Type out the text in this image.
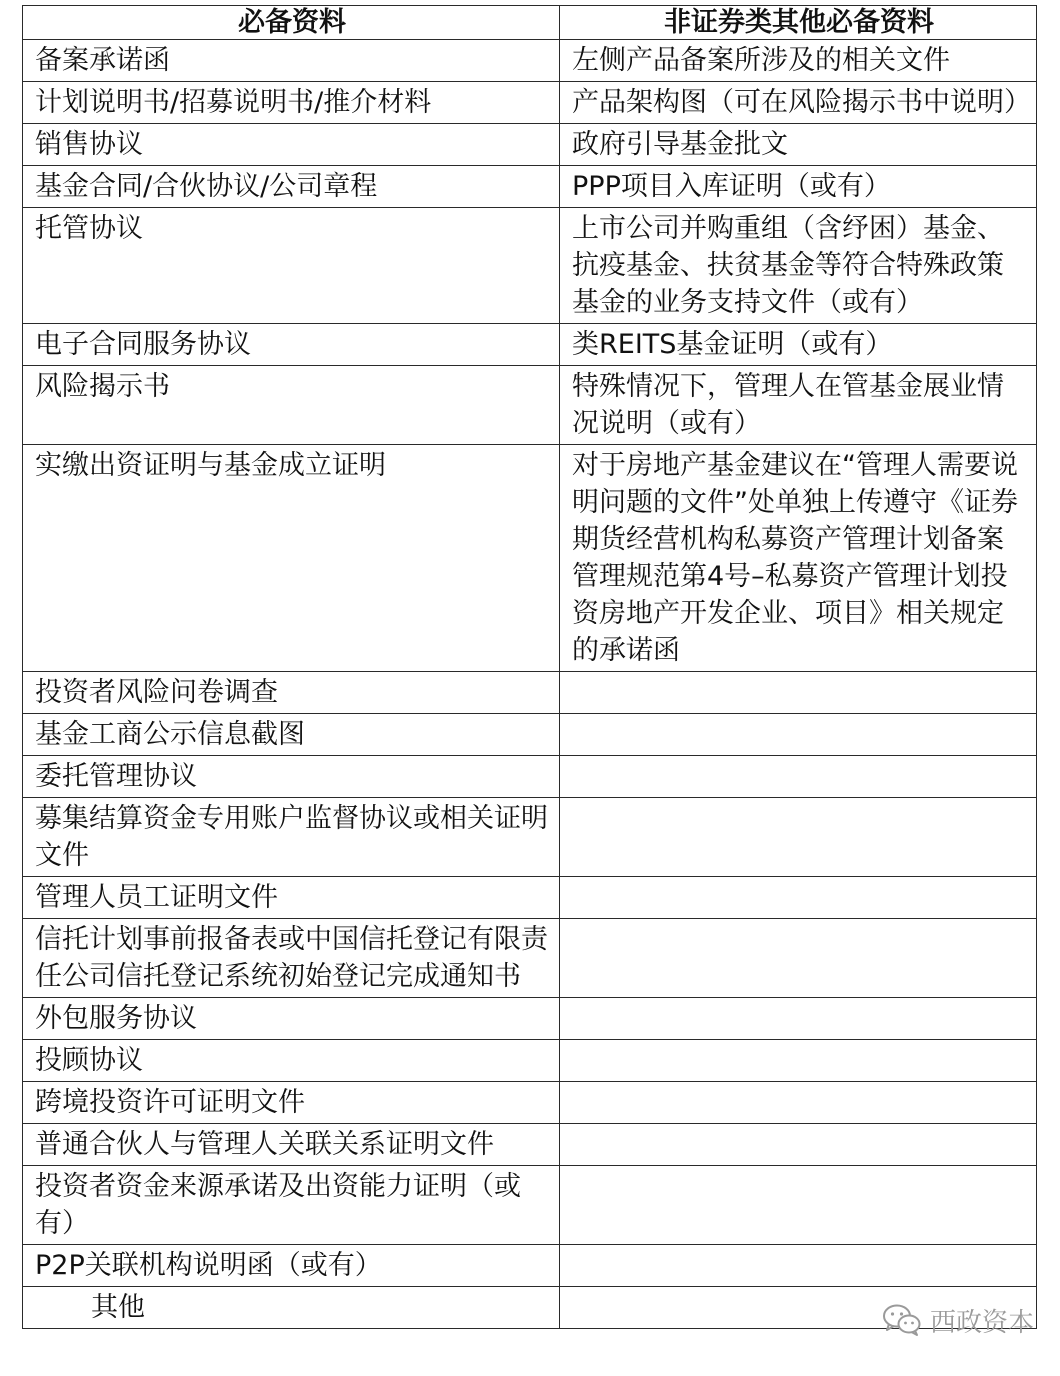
必备资料	非证券类其他必备资料
备案承诺函	左侧产品备案所涉及的相关文件
计划说明书/招募说明书/推介材料	产品架构图（可在风险揭示书中说明）
销售协议	政府引导基金批文
基金合同/合伙协议/公司章程	PPP项目入库证明（或有）
托管协议	上市公司并购重组（含纾困）基金、抗疫基金、扶贫基金等符合特殊政策基金的业务支持文件（或有）
电子合同服务协议	类REITS基金证明（或有）
风险揭示书	特殊情况下，管理人在管基金展业情况说明（或有）
实缴出资证明与基金成立证明	对于房地产基金建议在“管理人需要说明问题的文件”处单独上传遵守《证券期货经营机构私募资产管理计划备案管理规范第4号–私募资产管理计划投资房地产开发企业、项目》相关规定的承诺函
投资者风险问卷调查	
基金工商公示信息截图	
委托管理协议	
募集结算资金专用账户监督协议或相关证明文件	
管理人员工证明文件	
信托计划事前报备表或中国信托登记有限责任公司信托登记系统初始登记完成通知书	
外包服务协议	
投顾协议	
跨境投资许可证明文件	
普通合伙人与管理人关联关系证明文件	
投资者资金来源承诺及出资能力证明（或有）	
P2P关联机构说明函（或有）	
其他		西政资本
